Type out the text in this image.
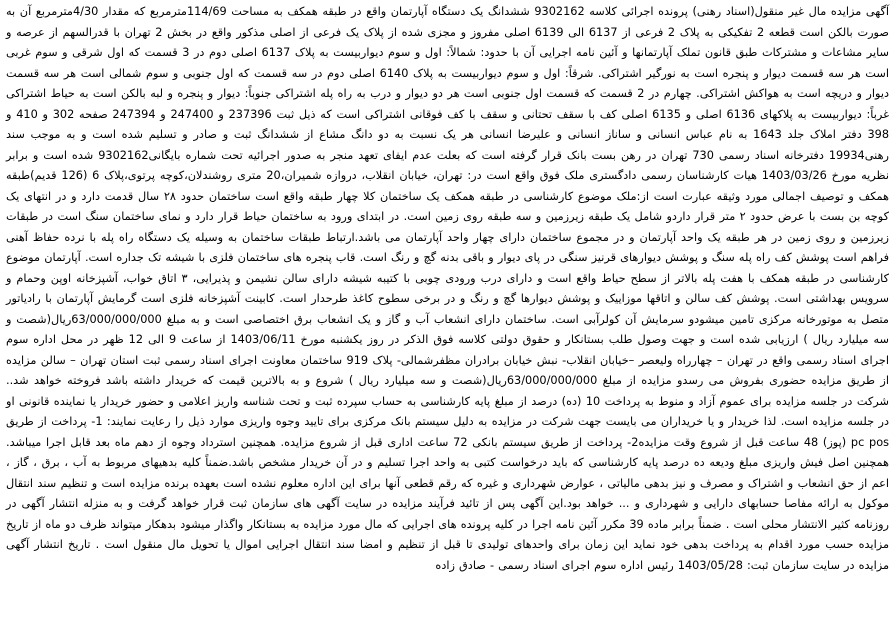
آگهی مزایده مال غیر منقول(اسناد رهنی) پرونده اجرائی کلاسه 9302162 ششدانگ یک دستگاه آپارتمان واقع در طبقه همکف به مساحت 114/69مترمربع که مقدار 4/30مترمربع آن به صورت بالکن است قطعه 2 تفکیکی به پلاک 2 فرعی از 6137 الی 6139 اصلی مفروز و مجزی شده از پلاک یک فرعی از اصلی مذکور واقع در بخش 2 تهران با قدرالسهم از عرصه و سایر مشاعات و مشترکات طبق قانون تملک آپارتمانها و آئین نامه اجرایی آن با حدود: شمالاً: اول و سوم دیواربیست به پلاک 6137 اصلی دوم در 3 قسمت که اول شرقی و سوم غربی است هر سه قسمت دیوار و پنجره است به نورگیر اشتراکی. شرقاً: اول و سوم دیواربیست به پلاک 6140 اصلی دوم در سه قسمت که اول جنوبی و سوم شمالی است هر سه قسمت دیوار و دریچه است به هواکش اشتراکی. چهارم در 2 قسمت که قسمت اول جنوبی است هر دو دیوار و درب به راه پله اشتراکی جنوباً: دیوار و پنجره و لبه بالکن است به حیاط اشتراکی غرباً: دیواربیست به پلاکهای 6136 اصلی و 6135 اصلی کف با سقف تحتانی و سقف با کف فوقانی اشتراکی است که ذیل ثبت 237396 و 247400 و 247394 صفحه 302 و 410 و 398 دفتر املاک جلد 1643 به نام عباس انسانی و ساناز انسانی و علیرضا انسانی هر یک نسبت به دو دانگ مشاع از ششدانگ ثبت و صادر و تسلیم شده است و به موجب سند رهنی19934 دفترخانه اسناد رسمی 730 تهران در رهن بست بانک قرار گرفته است که بعلت عدم ایفای تعهد منجر به صدور اجرائیه تحت شماره بایگانی9302162 شده است و برابر نظریه مورخ 1403/03/26 هیات کارشناسان رسمی دادگستری ملک فوق واقع است در: تهران، خیابان انقلاب، دروازه شمیران،20 متری روشندلان،کوچه پرتوی،پلاک 6 (126 قدیم)طبقه همکف و توصیف اجمالی مورد وثیقه عبارت است از:ملک موضوع کارشناسی در طبقه همکف یک ساختمان کلا چهار طبقه واقع است ساختمان حدود ۲۸ سال قدمت دارد و در انتهای یک کوچه بن بست با عرض حدود ۲ متر قرار داردو شامل یک طبقه زیرزمین و سه طبقه روی زمین است. در ابتدای ورود به ساختمان حیاط قرار دارد و نمای ساختمان سنگ است در طبقات زیرزمین و روی زمین در هر طبقه یک واحد آپارتمان و در مجموع ساختمان دارای چهار واحد آپارتمان می باشد.ارتباط طبقات ساختمان به وسیله یک دستگاه راه پله با نرده حفاظ آهنی فراهم است پوشش کف راه پله سنگ و پوشش دیوارهای قرنیز سنگی در پای دیوار و باقی بدنه گچ و رنگ است. قاب پنجره های ساختمان فلزی با شیشه تک جداره است. آپارتمان موضوع کارشناسی در طبقه همکف با هفت پله بالاتر از سطح حیاط واقع است و دارای درب ورودی چوبی با کتیبه شیشه دارای سالن نشیمن و پذیرایی، ۳ اتاق خواب، آشپزخانه اوپن وحمام و سرویس بهداشتی است. پوشش کف سالن و اتاقها موزاییک و پوشش دیوارها گچ و رنگ و در برخی سطوح کاغذ طرحدار است. کابینت آشپزخانه فلزی است گرمایش آپارتمان با رادیاتور متصل به موتورخانه مرکزی تامین میشودو سرمایش آن کولرآبی است. ساختمان دارای انشعاب آب و گاز و یک انشعاب برق اختصاصی است و به مبلغ 63/000/000/000ریال(شصت و سه میلیارد ریال ) ارزیابی شده است و جهت وصول طلب بستانکار و حقوق دولتی کلاسه فوق الذکر در روز یکشنبه مورخ 1403/06/11 از ساعت 9 الی 12 ظهر در محل اداره سوم اجرای اسناد رسمی واقع در تهران – چهارراه ولیعصر –خیابان انقلاب- نبش خیابان برادران مظفرشمالی- پلاک 919 ساختمان معاونت اجرای اسناد رسمی ثبت استان تهران – سالن مزایده از طریق مزایده حضوری بفروش می رسدو مزایده از مبلغ 63/000/000/000ریال(شصت و سه میلیارد ریال ) شروع و به بالاترین قیمت که خریدار داشته باشد فروخته خواهد شد.. شرکت در جلسه مزایده برای عموم آزاد و منوط به پرداخت 10 (ده) درصد از مبلغ پایه کارشناسی به حساب سپرده ثبت و تحت شناسه واریز اعلامی و حضور خریدار یا نماینده قانونی او در جلسه مزایده است. لذا خریدار و یا خریداران می بایست جهت شرکت در مزایده به دلیل سیستم بانک مرکزی برای تایید وجوه واریزی موارد ذیل را رعایت نمایند: 1- پرداخت از طریق pc pos (پوز) 48 ساعت قبل از شروع وقت مزایده2- پرداخت از طریق سیستم بانکی 72 ساعت اداری قبل از شروع مزایده. همچنین استرداد وجوه از دهم ماه بعد قابل اجرا میباشد. همچنین اصل فیش واریزی مبلغ ودیعه ده درصد پایه کارشناسی که باید درخواست کتبی به واحد اجرا تسلیم و در آن خریدار مشخص باشد.ضمناً کلیه بدهیهای مربوط به آب ، برق ، گاز ، اعم از حق انشعاب و اشتراک و مصرف و نیز بدهی مالیاتی ، عوارض شهرداری و غیره که رقم قطعی آنها برای این اداره معلوم نشده است بعهده برنده مزایده است و تنظیم سند انتقال موکول به ارائه مفاصا حسابهای دارایی و شهرداری و ... خواهد بود.این آگهی پس از تائید فرآیند مزایده در سایت آگهی های سازمان ثبت قرار خواهد گرفت و به منزله انتشار آگهی در روزنامه کثیر الانتشار محلی است . ضمناً برابر ماده 39 مکرر آئین نامه اجرا در کلیه پرونده های اجرایی که مال مورد مزایده به بستانکار واگذار میشود بدهکار میتواند ظرف دو ماه از تاریخ مزایده حسب مورد اقدام به پرداخت بدهی خود نماید این زمان برای واحدهای تولیدی تا قبل از تنظیم و امضا سند انتقال اجرایی اموال یا تحویل مال منقول است . تاریخ انتشار آگهی مزایده در سایت سازمان ثبت: 1403/05/28 رئیس اداره سوم اجرای اسناد رسمی - صادق زاده
